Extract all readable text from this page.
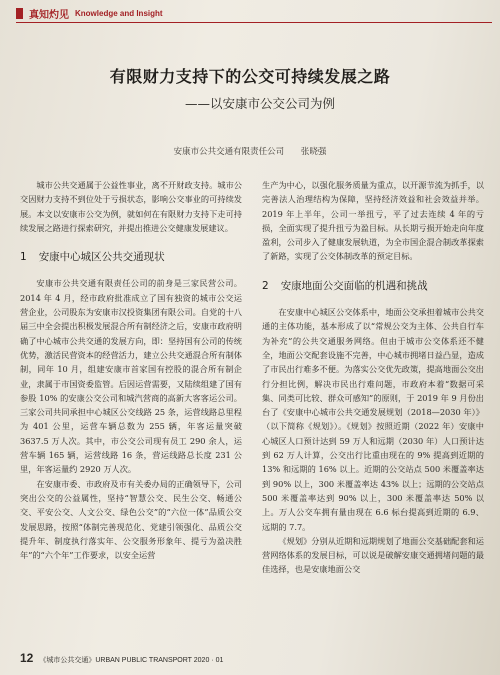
真知灼见 Knowledge and Insight
有限财力支持下的公交可持续发展之路
——以安康市公交公司为例
安康市公共交通有限责任公司 张晓强

城市公共交通属于公益性事业，离不开财政支持。城市公交因财力支持不到位处于亏损状态，影响公交事业的可持续发展。本文以安康市公交为例，就如何在有限财力支持下走可持续发展之路进行探索研究，并提出推进公交健康发展建议。

1 安康中心城区公共交通现状

安康市公共交通有限责任公司的前身是三家民营公司。2014 年 4 月，经市政府批准成立了国有独资的城市公交运营企业，公司股东为安康市汉投资集团有限公司。自党的十八届三中全会提出积极发展混合所有制经济之后，安康市政府明确了中心城市公共交通的发展方向，即：坚持国有公司的传统优势，激活民营资本的经营活力，建立公共交通混合所有制体制，同年 10 月，组建安康市首家国有控股的混合所有制企业，隶属于市国资委监管。后因运营需要，又陆续组建了国有参股 10% 的安康公交公司和城汽营商的高新大客客运公司。三家公司共同承担中心城区公交线路 25 条，运营线路总里程为 401 公里，运营车辆总数为 255 辆，年客运量突破 3637.5 万人次。其中，市公交公司现有员工 290 余人，运营车辆 165 辆，运营线路 16 条，营运线路总长度 231 公里，年客运量约 2920 万人次。

在安康市委、市政府及市有关委办局的正确领导下，公司突出公交的公益属性，坚持“智慧公交、民生公交、畅通公交、平安公交、人文公交、绿色公交”的“六位一体”品质公交发展思路，按照“体制完善现范化、党建引领强化、品质公交提升年、制度执行落实年、公交服务形象年、提亏为盈决胜年”的“六个年”工作要求，以安全运营

生产为中心，以强化服务质量为重点，以开源节流为抓手，以完善法人治理结构为保障，坚持经济效益和社会效益并举。2019 年上半年，公司一举扭亏，平了过去连续 4 年的亏损，全面实现了提升扭亏为盈目标。从长期亏损开始走向年度盈利，公司步入了健康发展轨道，为全市国企混合制改革探索了新路，实现了公交体制改革的预定目标。

2 安康地面公交面临的机遇和挑战

在安康中心城区公交体系中，地面公交承担着城市公共交通的主体功能，基本形成了以“常规公交为主体、公共自行车为补充”的公共交通服务网络。但由于城市公交体系还不健全，地面公交配套设施不完善，中心城市拥堵日益凸显，造成了市民出行难多不便。为落实公交优先政策，提高地面公交出行分担比例，解决市民出行难问题，市政府本着“数据可采集、同类可比较、群众可感知”的原则，于 2019 年 9 月份出台了《安康中心城市公共交通发展规划（2018—2030 年）》（以下简称《规划》）。《规划》按照近期（2022 年）安康中心城区人口预计达到 59 万人和远期（2030 年）人口预计达到 62 万人计算，公交出行比重由现在的 9% 提高到近期的 13% 和远期的 16% 以上。近期的公交站点 500 米覆盖率达到 90% 以上，300 米覆盖率达 43% 以上；远期的公交站点 500 米覆盖率达到 90% 以上，300 米覆盖率达 50% 以上。万人公交车拥有量由现在 6.6 标台提高到近期的 6.9、远期的 7.7。

《规划》分别从近期和远期规划了地面公交基础配套和运营网络体系的发展目标，可以说是破解安康交通拥堵问题的最佳选择，也是安康地面公交

12 《城市公共交通》URBAN PUBLIC TRANSPORT 2020 · 01
